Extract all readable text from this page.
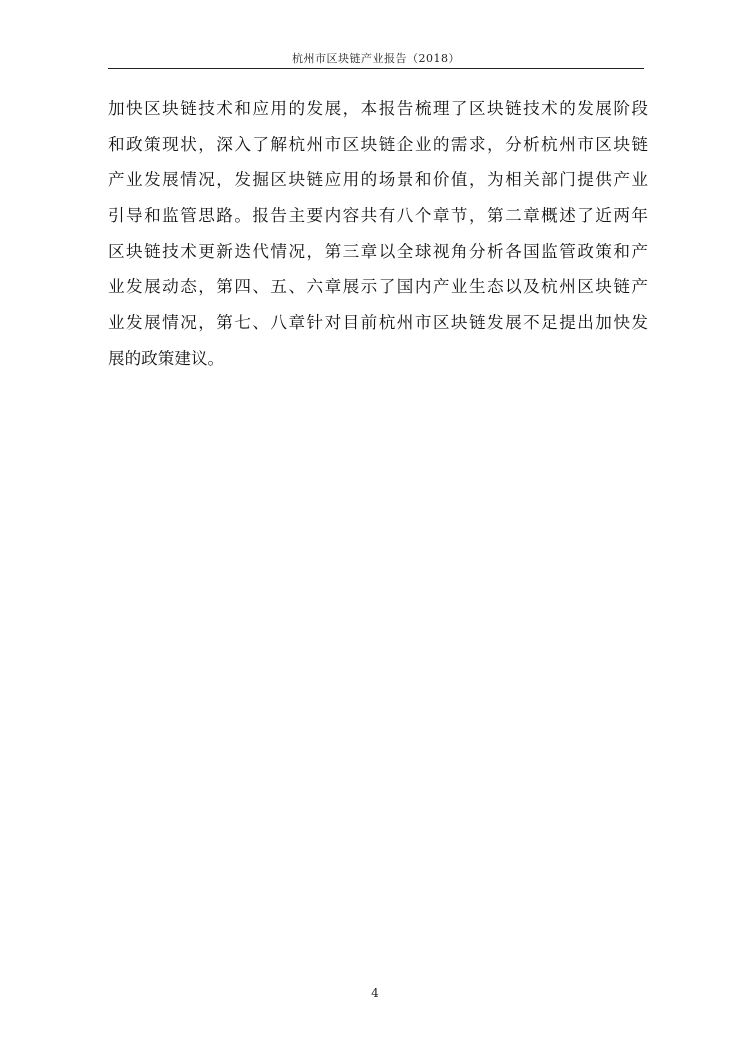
杭州市区块链产业报告（2018）
加快区块链技术和应用的发展，本报告梳理了区块链技术的发展阶段
和政策现状，深入了解杭州市区块链企业的需求，分析杭州市区块链
产业发展情况，发掘区块链应用的场景和价值，为相关部门提供产业
引导和监管思路。报告主要内容共有八个章节，第二章概述了近两年
区块链技术更新迭代情况，第三章以全球视角分析各国监管政策和产
业发展动态，第四、五、六章展示了国内产业生态以及杭州区块链产
业发展情况，第七、八章针对目前杭州市区块链发展不足提出加快发
展的政策建议。
4
